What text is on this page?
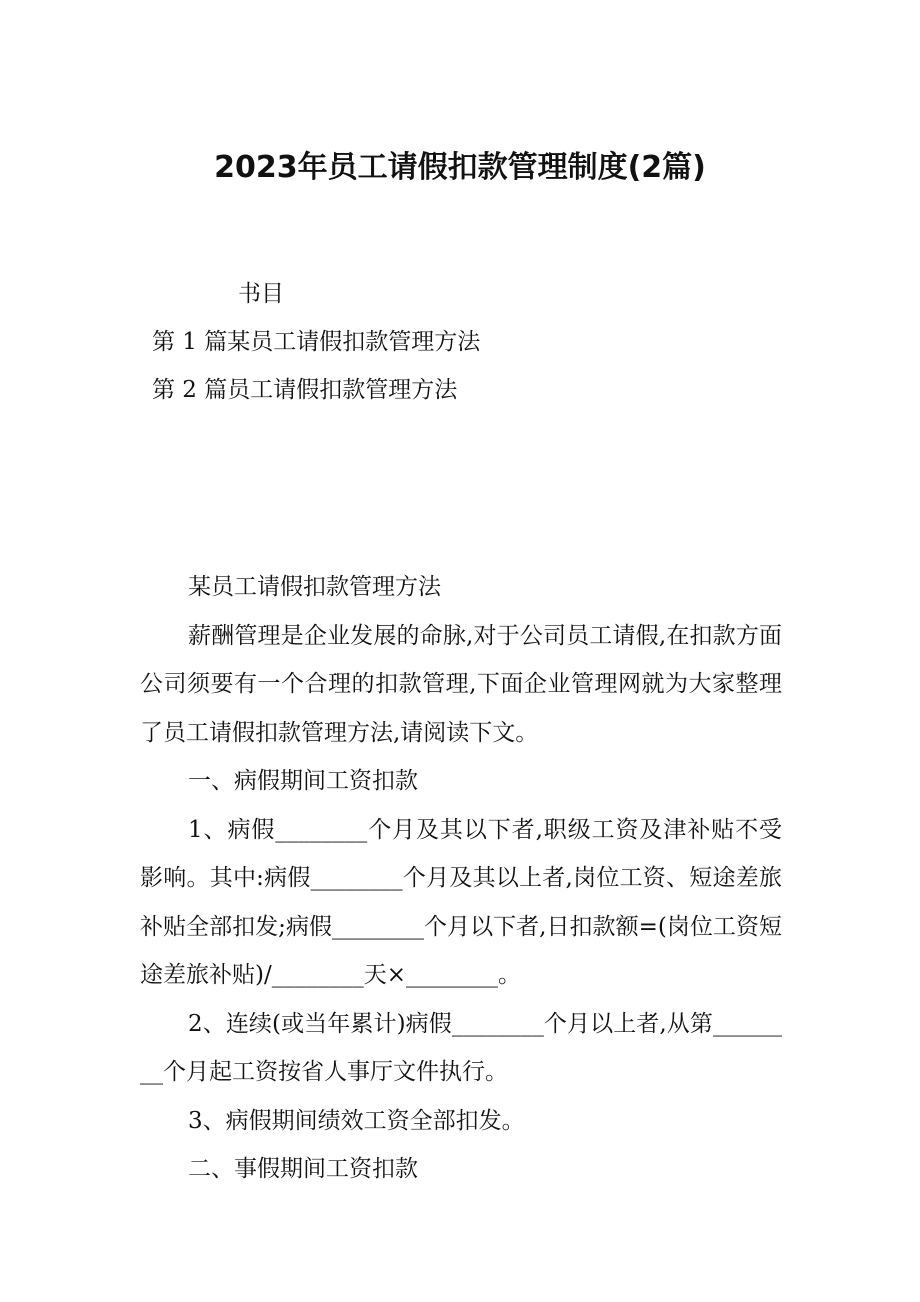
2023年员工请假扣款管理制度(2篇)
书目
第 1 篇某员工请假扣款管理方法
第 2 篇员工请假扣款管理方法

某员工请假扣款管理方法

薪酬管理是企业发展的命脉,对于公司员工请假,在扣款方面公司须要有一个合理的扣款管理,下面企业管理网就为大家整理了员工请假扣款管理方法,请阅读下文。

一、病假期间工资扣款

1、病假________个月及其以下者,职级工资及津补贴不受影响。其中:病假________个月及其以上者,岗位工资、短途差旅补贴全部扣发;病假________个月以下者,日扣款额=(岗位工资短途差旅补贴)/________天×________。

2、连续(或当年累计)病假________个月以上者,从第________个月起工资按省人事厅文件执行。

3、病假期间绩效工资全部扣发。

二、事假期间工资扣款
